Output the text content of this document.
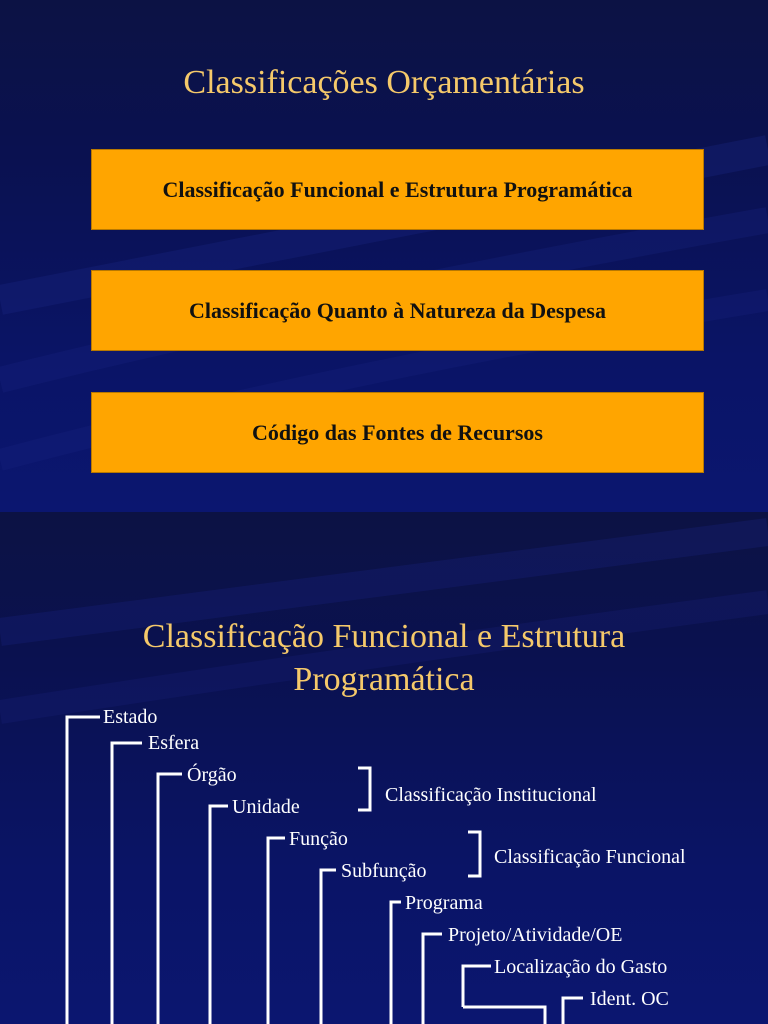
Classificações Orçamentárias
Classificação Funcional e Estrutura Programática
Classificação Quanto à Natureza da Despesa
Código das Fontes de Recursos
Classificação Funcional e Estrutura
Programática
Estado
Esfera
Órgão
Unidade
Função
Subfunção
Programa
Projeto/Atividade/OE
Localização do Gasto
Ident. OC
Classificação Institucional
Classificação Funcional
